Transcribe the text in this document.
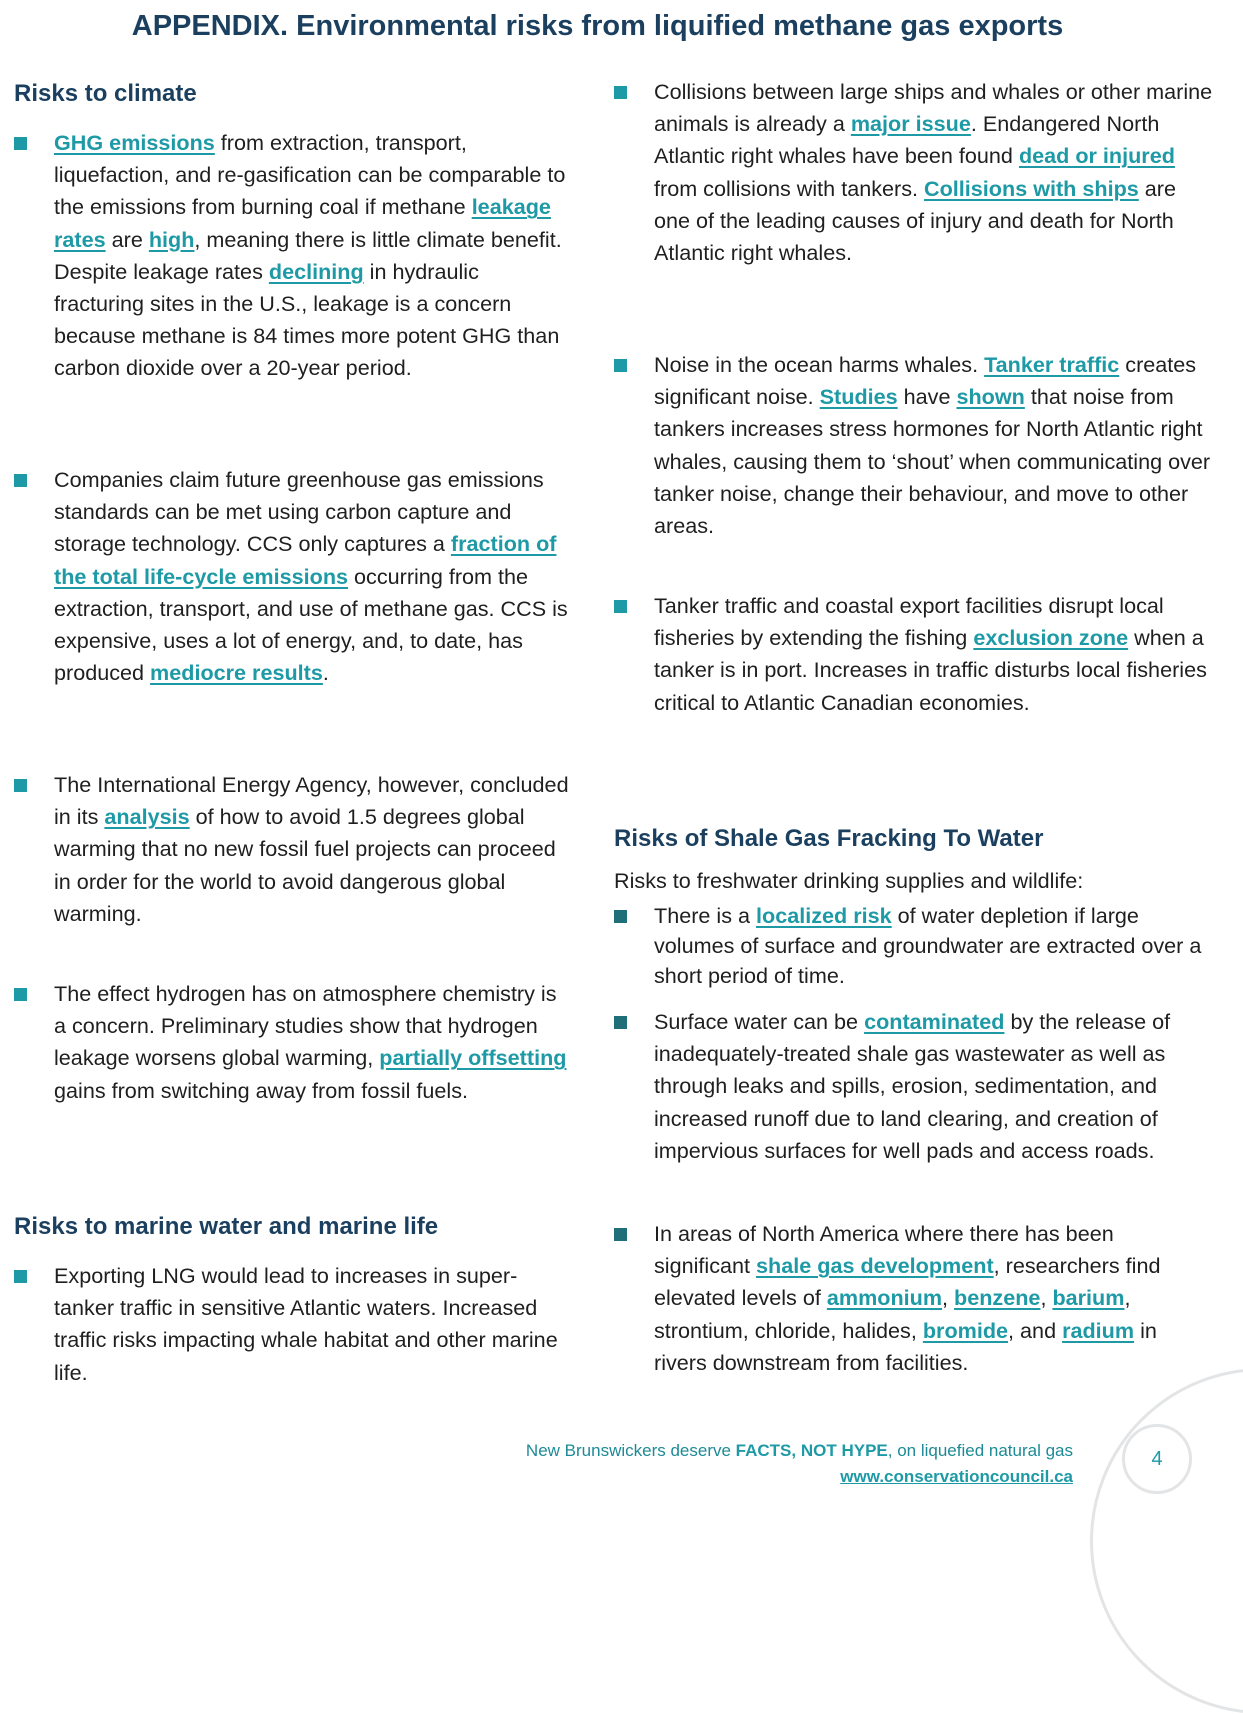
APPENDIX. Environmental risks from liquified methane gas exports
Risks to climate

GHG emissions from extraction, transport, liquefaction, and re-gasification can be comparable to the emissions from burning coal if methane leakage rates are high, meaning there is little climate benefit. Despite leakage rates declining in hydraulic fracturing sites in the U.S., leakage is a concern because methane is 84 times more potent GHG than carbon dioxide over a 20-year period.

Companies claim future greenhouse gas emissions standards can be met using carbon capture and storage technology. CCS only captures a fraction of the total life-cycle emissions occurring from the extraction, transport, and use of methane gas. CCS is expensive, uses a lot of energy, and, to date, has produced mediocre results.

The International Energy Agency, however, concluded in its analysis of how to avoid 1.5 degrees global warming that no new fossil fuel projects can proceed in order for the world to avoid dangerous global warming.

The effect hydrogen has on atmosphere chemistry is a concern. Preliminary studies show that hydrogen leakage worsens global warming, partially offsetting gains from switching away from fossil fuels.

Risks to marine water and marine life

Exporting LNG would lead to increases in super-tanker traffic in sensitive Atlantic waters. Increased traffic risks impacting whale habitat and other marine life.

Collisions between large ships and whales or other marine animals is already a major issue. Endangered North Atlantic right whales have been found dead or injured from collisions with tankers. Collisions with ships are one of the leading causes of injury and death for North Atlantic right whales.

Noise in the ocean harms whales. Tanker traffic creates significant noise. Studies have shown that noise from tankers increases stress hormones for North Atlantic right whales, causing them to ‘shout’ when communicating over tanker noise, change their behaviour, and move to other areas.

Tanker traffic and coastal export facilities disrupt local fisheries by extending the fishing exclusion zone when a tanker is in port. Increases in traffic disturbs local fisheries critical to Atlantic Canadian economies.

Risks of Shale Gas Fracking To Water

Risks to freshwater drinking supplies and wildlife:

There is a localized risk of water depletion if large volumes of surface and groundwater are extracted over a short period of time.

Surface water can be contaminated by the release of inadequately-treated shale gas wastewater as well as through leaks and spills, erosion, sedimentation, and increased runoff due to land clearing, and creation of impervious surfaces for well pads and access roads.

In areas of North America where there has been significant shale gas development, researchers find elevated levels of ammonium, benzene, barium, strontium, chloride, halides, bromide, and radium in rivers downstream from facilities.

4
New Brunswickers deserve FACTS, NOT HYPE, on liquefied natural gas
www.conservationcouncil.ca
